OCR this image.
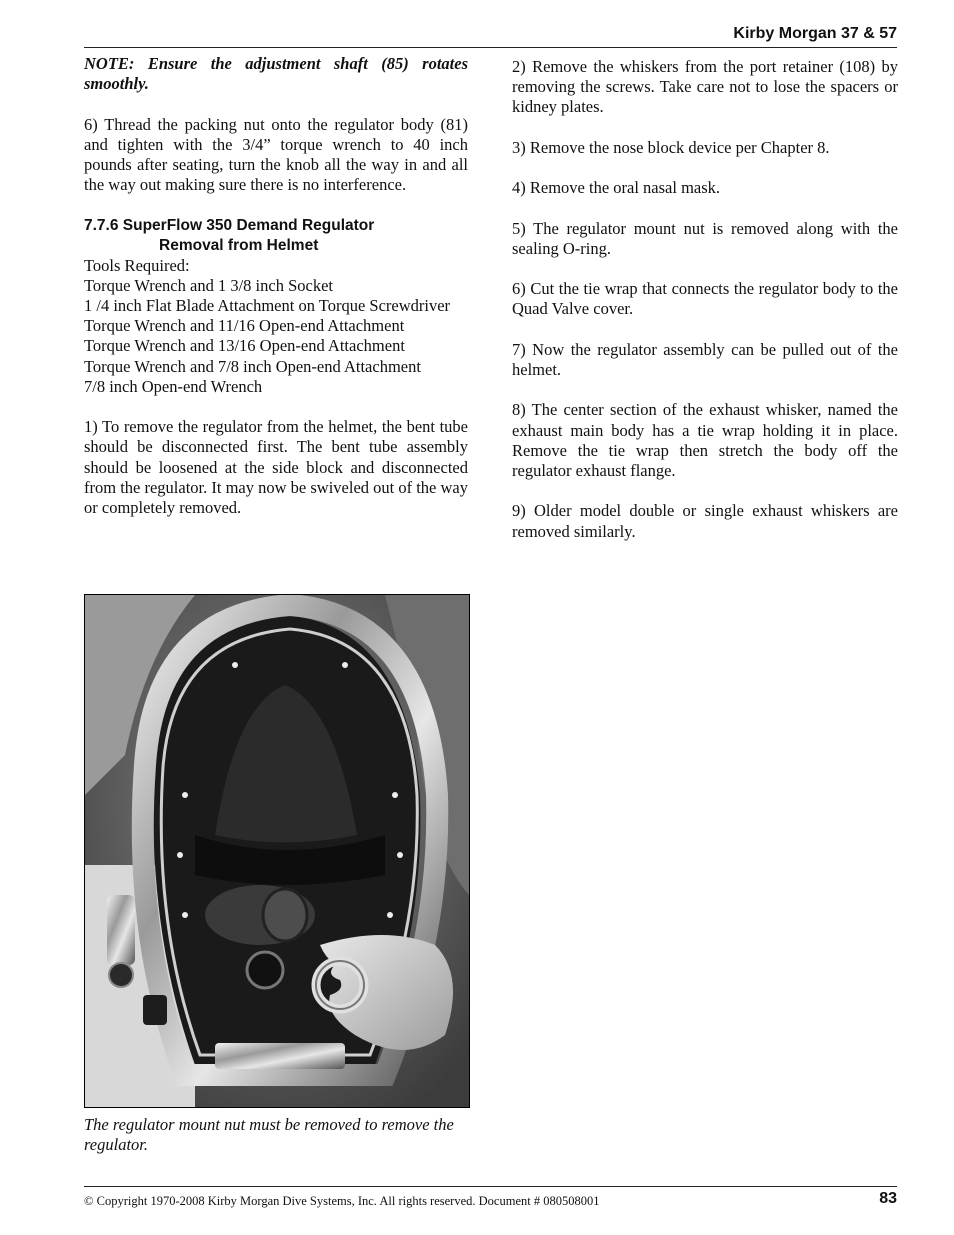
Kirby Morgan 37 & 57

NOTE: Ensure the adjustment shaft (85) rotates smoothly.

6) Thread the packing nut onto the regulator body (81) and tighten with the 3/4” torque wrench to 40 inch pounds after seating, turn the knob all the way in and all the way out making sure there is no interference.

7.7.6 SuperFlow 350 Demand Regulator
Removal from Helmet

Tools Required:
Torque Wrench and 1 3/8 inch Socket
1 /4 inch Flat Blade Attachment on Torque Screwdriver
Torque Wrench and 11/16 Open-end Attachment
Torque Wrench and 13/16 Open-end Attachment
Torque Wrench and 7/8 inch Open-end Attachment
7/8 inch Open-end Wrench

1) To remove the regulator from the helmet, the bent tube should be disconnected first. The bent tube assembly should be loosened at the side block and disconnected from the regulator. It may now be swiveled out of the way or completely removed.

2) Remove the whiskers from the port retainer (108) by removing the screws. Take care not to lose the spacers or kidney plates.

3) Remove the nose block device per Chapter 8.

4) Remove the oral nasal mask.

5) The regulator mount nut is removed along with the sealing O-ring.

6) Cut the tie wrap that connects the regulator body to the Quad Valve cover.

7) Now the regulator assembly can be pulled out of the helmet.

8) The center section of the exhaust whisker, named the exhaust main body has a tie wrap holding it in place. Remove the tie wrap then stretch the body off the regulator exhaust flange.

9) Older model double or single exhaust whiskers are removed similarly.

The regulator mount nut must be removed to remove the regulator.
© Copyright 1970-2008 Kirby Morgan Dive Systems, Inc. All rights reserved. Document # 080508001	83
